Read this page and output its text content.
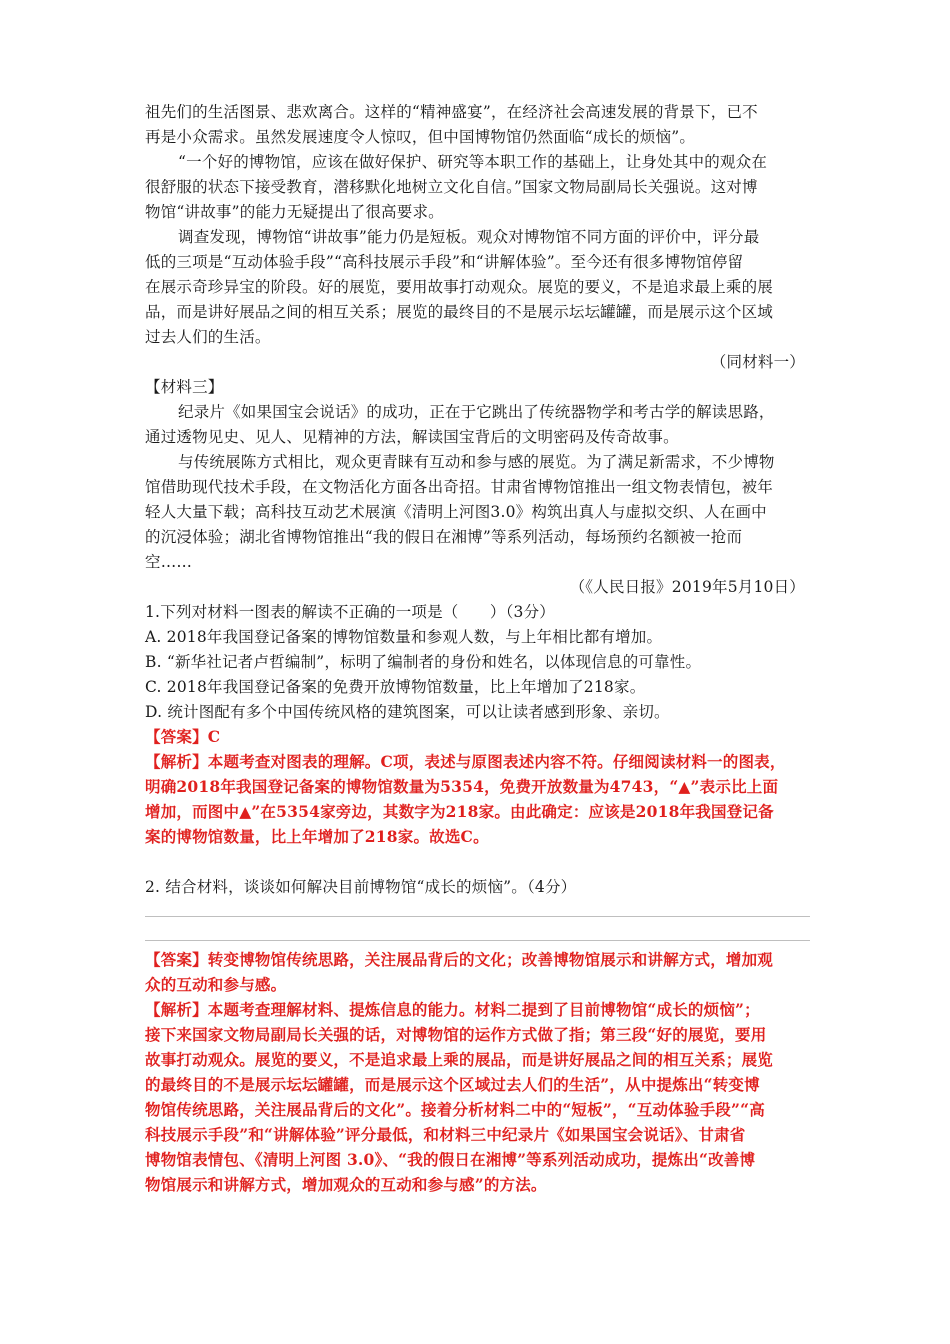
祖先们的生活图景、悲欢离合。这样的“精神盛宴”，在经济社会高速发展的背景下，已不
再是小众需求。虽然发展速度令人惊叹，但中国博物馆仍然面临“成长的烦恼”。
“一个好的博物馆，应该在做好保护、研究等本职工作的基础上，让身处其中的观众在
很舒服的状态下接受教育，潜移默化地树立文化自信。”国家文物局副局长关强说。这对博
物馆“讲故事”的能力无疑提出了很高要求。
调查发现，博物馆“讲故事”能力仍是短板。观众对博物馆不同方面的评价中，评分最
低的三项是“互动体验手段”“高科技展示手段”和“讲解体验”。至今还有很多博物馆停留
在展示奇珍异宝的阶段。好的展览，要用故事打动观众。展览的要义，不是追求最上乘的展
品，而是讲好展品之间的相互关系；展览的最终目的不是展示坛坛罐罐，而是展示这个区域
过去人们的生活。
（同材料一）
【材料三】
纪录片《如果国宝会说话》的成功，正在于它跳出了传统器物学和考古学的解读思路，
通过透物见史、见人、见精神的方法，解读国宝背后的文明密码及传奇故事。
与传统展陈方式相比，观众更青睐有互动和参与感的展览。为了满足新需求，不少博物
馆借助现代技术手段，在文物活化方面各出奇招。甘肃省博物馆推出一组文物表情包，被年
轻人大量下载；高科技互动艺术展演《清明上河图3.0》构筑出真人与虚拟交织、人在画中
的沉浸体验；湖北省博物馆推出“我的假日在湘博”等系列活动，每场预约名额被一抢而
空……
（《人民日报》2019年5月10日）
1.下列对材料一图表的解读不正确的一项是（　　）（3分）
A. 2018年我国登记备案的博物馆数量和参观人数，与上年相比都有增加。
B. “新华社记者卢哲编制”，标明了编制者的身份和姓名，以体现信息的可靠性。
C. 2018年我国登记备案的免费开放博物馆数量，比上年增加了218家。
D. 统计图配有多个中国传统风格的建筑图案，可以让读者感到形象、亲切。
【答案】C
【解析】本题考查对图表的理解。C项，表述与原图表述内容不符。仔细阅读材料一的图表，
明确2018年我国登记备案的博物馆数量为5354，免费开放数量为4743，“▲”表示比上面
增加，而图中▲”在5354家旁边，其数字为218家。由此确定：应该是2018年我国登记备
案的博物馆数量，比上年增加了218家。故选C。
2. 结合材料，谈谈如何解决目前博物馆“成长的烦恼”。（4分）
【答案】转变博物馆传统思路，关注展品背后的文化；改善博物馆展示和讲解方式，增加观
众的互动和参与感。
【解析】本题考查理解材料、提炼信息的能力。材料二提到了目前博物馆“成长的烦恼”；
接下来国家文物局副局长关强的话，对博物馆的运作方式做了指；第三段“好的展览，要用
故事打动观众。展览的要义，不是追求最上乘的展品，而是讲好展品之间的相互关系；展览
的最终目的不是展示坛坛罐罐，而是展示这个区域过去人们的生活”，从中提炼出“转变博
物馆传统思路，关注展品背后的文化”。接着分析材料二中的“短板”，“互动体验手段”“高
科技展示手段”和“讲解体验”评分最低，和材料三中纪录片《如果国宝会说话》、甘肃省
博物馆表情包、《清明上河图 3.0》、“我的假日在湘博”等系列活动成功，提炼出“改善博
物馆展示和讲解方式，增加观众的互动和参与感”的方法。
